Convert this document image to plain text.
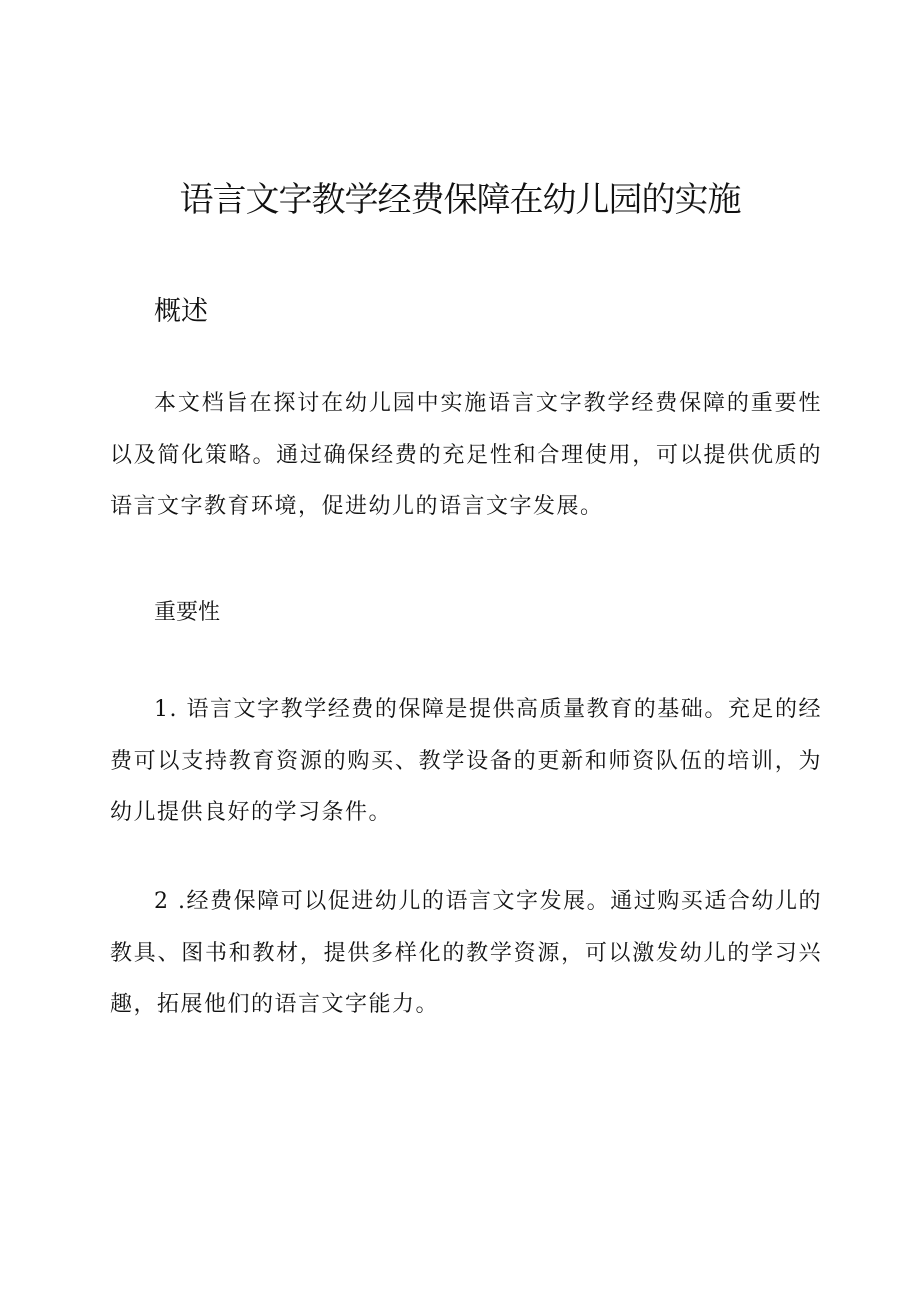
语言文字教学经费保障在幼儿园的实施
概述

本文档旨在探讨在幼儿园中实施语言文字教学经费保障的重要性以及简化策略。通过确保经费的充足性和合理使用，可以提供优质的语言文字教育环境，促进幼儿的语言文字发展。

重要性

1. 语言文字教学经费的保障是提供高质量教育的基础。充足的经费可以支持教育资源的购买、教学设备的更新和师资队伍的培训，为幼儿提供良好的学习条件。

2 .经费保障可以促进幼儿的语言文字发展。通过购买适合幼儿的教具、图书和教材，提供多样化的教学资源，可以激发幼儿的学习兴趣，拓展他们的语言文字能力。
